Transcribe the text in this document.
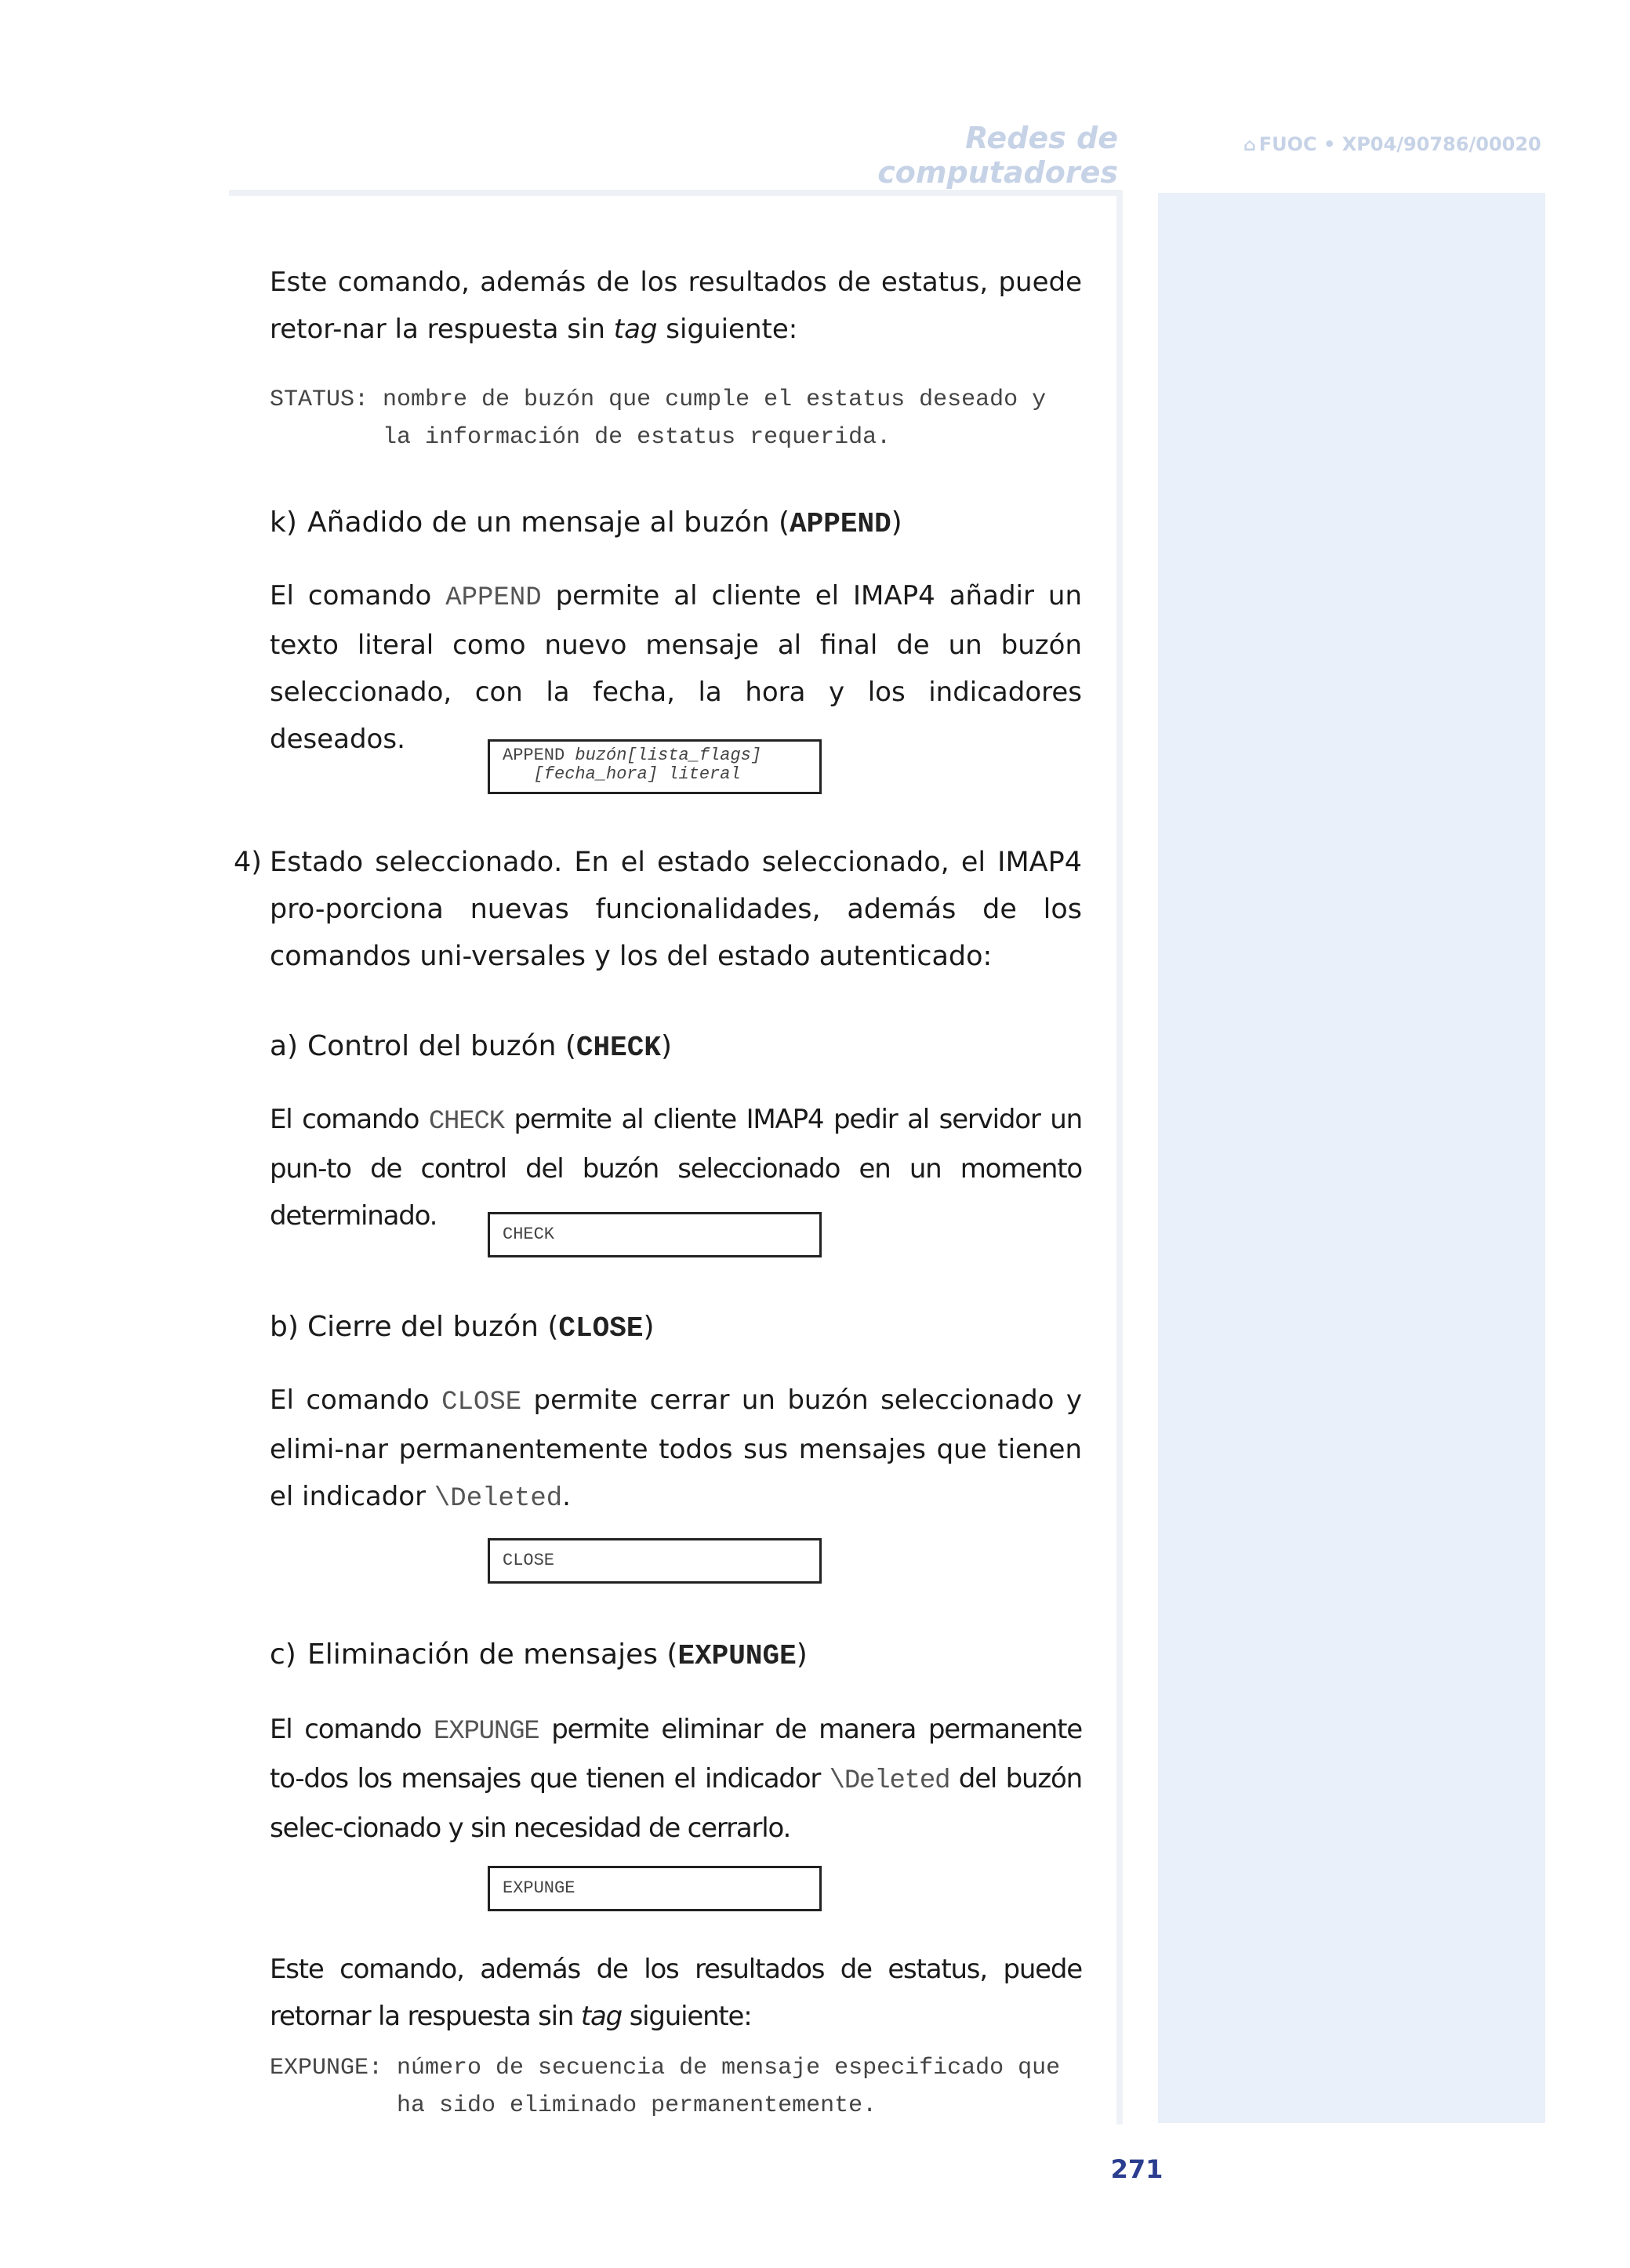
Redes de computadores
⌂ FUOC • XP04/90786/00020
ANOTACIONES

Este comando, además de los resultados de estatus, puede retor-nar la respuesta sin tag siguiente:

STATUS: nombre de buzón que cumple el estatus deseado y
la información de estatus requerida.
k) Añadido de un mensaje al buzón (APPEND)

El comando APPEND permite al cliente el IMAP4 añadir un texto literal como nuevo mensaje al final de un buzón seleccionado, con la fecha, la hora y los indicadores deseados.

APPEND buzón[lista_flags]
[fecha_hora] literal
4) Estado seleccionado. En el estado seleccionado, el IMAP4 pro-porciona nuevas funcionalidades, además de los comandos uni-versales y los del estado autenticado:
a) Control del buzón (CHECK)

El comando CHECK permite al cliente IMAP4 pedir al servidor un pun-to de control del buzón seleccionado en un momento determinado.

CHECK
b) Cierre del buzón (CLOSE)

El comando CLOSE permite cerrar un buzón seleccionado y elimi-nar permanentemente todos sus mensajes que tienen el indicador \Deleted.

CLOSE
c) Eliminación de mensajes (EXPUNGE)

El comando EXPUNGE permite eliminar de manera permanente to-dos los mensajes que tienen el indicador \Deleted del buzón selec-cionado y sin necesidad de cerrarlo.

EXPUNGE

Este comando, además de los resultados de estatus, puede retornar la respuesta sin tag siguiente:

EXPUNGE: número de secuencia de mensaje especificado que
ha sido eliminado permanentemente.
271
